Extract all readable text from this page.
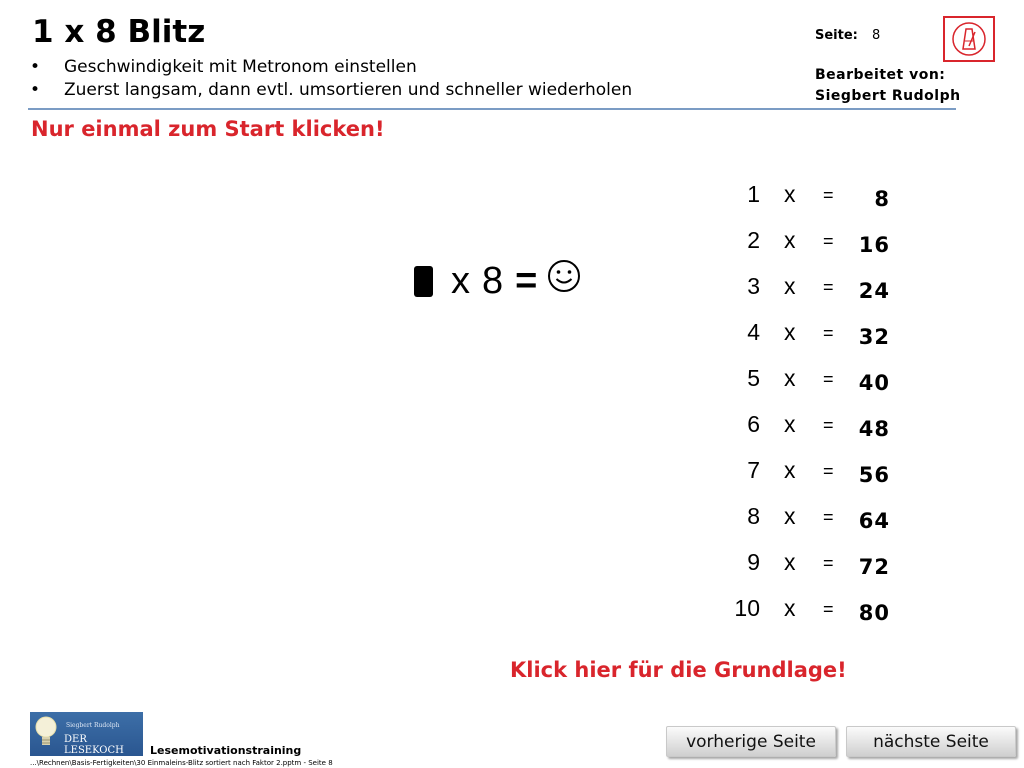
1 x 8 Blitz
• Geschwindigkeit mit Metronom einstellen
• Zuerst langsam, dann evtl. umsortieren und schneller wiederholen
Seite: 8
Bearbeitet von:
Siegbert Rudolph
Nur einmal zum Start klicken!
x 8 =
1 x = 8
2 x = 16
3 x = 24
4 x = 32
5 x = 40
6 x = 48
7 x = 56
8 x = 64
9 x = 72
10 x = 80
Klick hier für die Grundlage!
Siegbert Rudolph
DER LESEKOCH	Lesemotivationstraining
...\Rechnen\Basis-Fertigkeiten\30 Einmaleins-Blitz sortiert nach Faktor 2.pptm - Seite 8
vorherige Seite	nächste Seite
